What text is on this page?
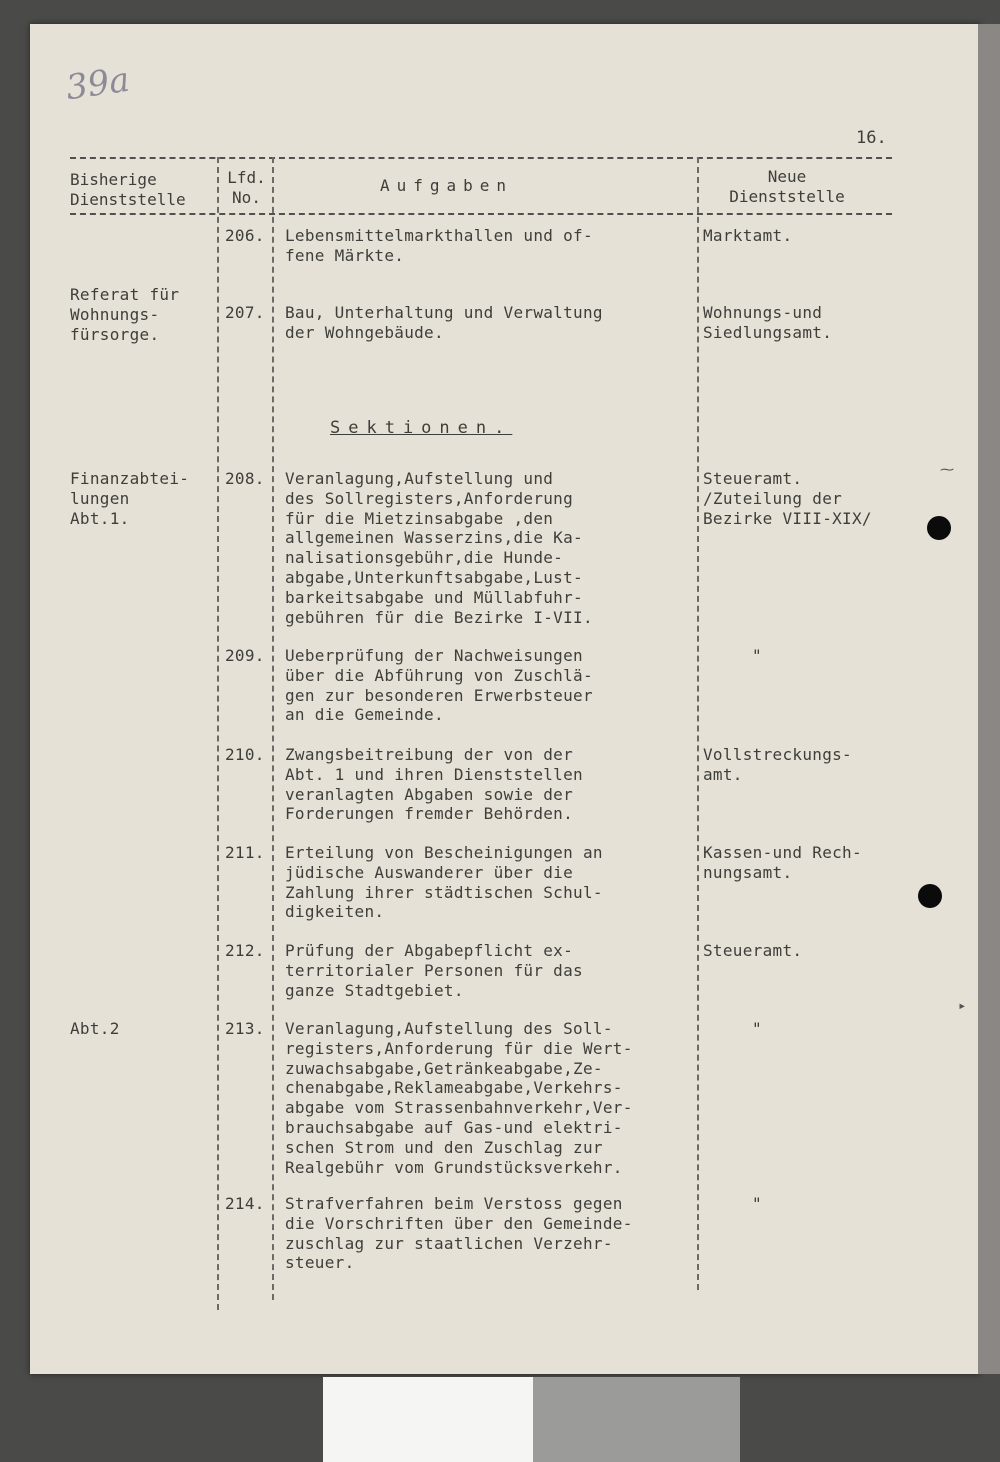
39a
16.
Bisherige
Dienststelle
Lfd.
No.
Aufgaben	Neue
Dienststelle
206. Lebensmittelmarkthallen und of-
fene Märkte.
Marktamt.
Referat für
Wohnungs-
fürsorge.
207. Bau, Unterhaltung und Verwaltung
der Wohngebäude.
Wohnungs-und
Siedlungsamt.
Sektionen.
Finanzabtei-
lungen
Abt.1.
208. Veranlagung,Aufstellung und
des Sollregisters,Anforderung
für die Mietzinsabgabe ,den
allgemeinen Wasserzins,die Ka-
nalisationsgebühr,die Hunde-
abgabe,Unterkunftsabgabe,Lust-
barkeitsabgabe und Müllabfuhr-
gebühren für die Bezirke I-VII.
Steueramt.
/Zuteilung der
Bezirke VIII-XIX/
209. Ueberprüfung der Nachweisungen
über die Abführung von Zuschlä-
gen zur besonderen Erwerbsteuer
an die Gemeinde.
"
210. Zwangsbeitreibung der von der
Abt. 1 und ihren Dienststellen
veranlagten Abgaben sowie der
Forderungen fremder Behörden.
Vollstreckungs-
amt.
211. Erteilung von Bescheinigungen an
jüdische Auswanderer über die
Zahlung ihrer städtischen Schul-
digkeiten.
Kassen-und Rech-
nungsamt.
212. Prüfung der Abgabepflicht ex-
territorialer Personen für das
ganze Stadtgebiet.
Steueramt.
Abt.2	213. Veranlagung,Aufstellung des Soll-
registers,Anforderung für die Wert-
zuwachsabgabe,Getränkeabgabe,Ze-
chenabgabe,Reklameabgabe,Verkehrs-
abgabe vom Strassenbahnverkehr,Ver-
brauchsabgabe auf Gas-und elektri-
schen Strom und den Zuschlag zur
Realgebühr vom Grundstücksverkehr.
"
214. Strafverfahren beim Verstoss gegen
die Vorschriften über den Gemeinde-
zuschlag zur staatlichen Verzehr-
steuer.
"
⁓
▸
